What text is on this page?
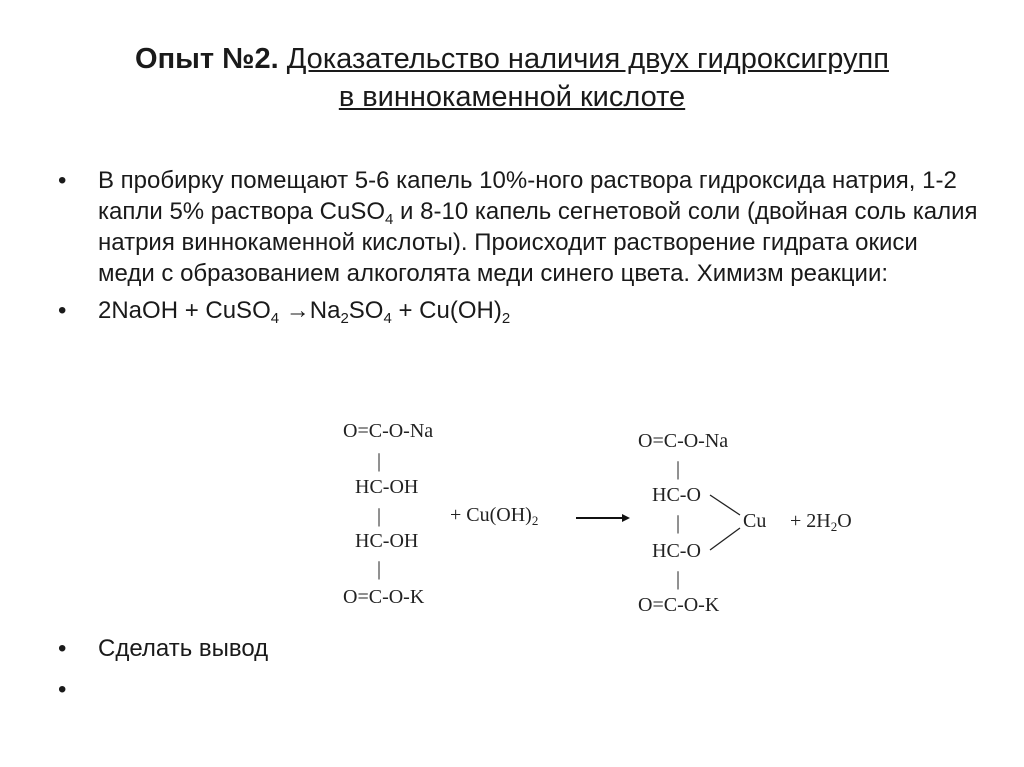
Опыт №2. Доказательство наличия двух гидроксигрупп
в виннокаменной кислоте
• В пробирку помещают 5-6 капель 10%-ного раствора гидроксида натрия, 1-2 капли 5% раствора CuSO$_4$ и 8-10 капель сегнетовой соли (двойная соль калия натрия виннокаменной кислоты). Происходит растворение гидрата окиси меди с образованием алкоголята меди синего цвета. Химизм реакции:
• 2NaOH + CuSO$_4$ $\to Na_2SO_4 + Cu(OH)_2$
O=C-O-Na
|
HC-OH
|
HC-OH
|
O=C-O-K
+ $Cu(OH)_2$
O=C-O-Na
|
HC-O
|
HC-O
|
O=C-O-K
$Cu + 2H_2O$
• Сделать вывод
•
